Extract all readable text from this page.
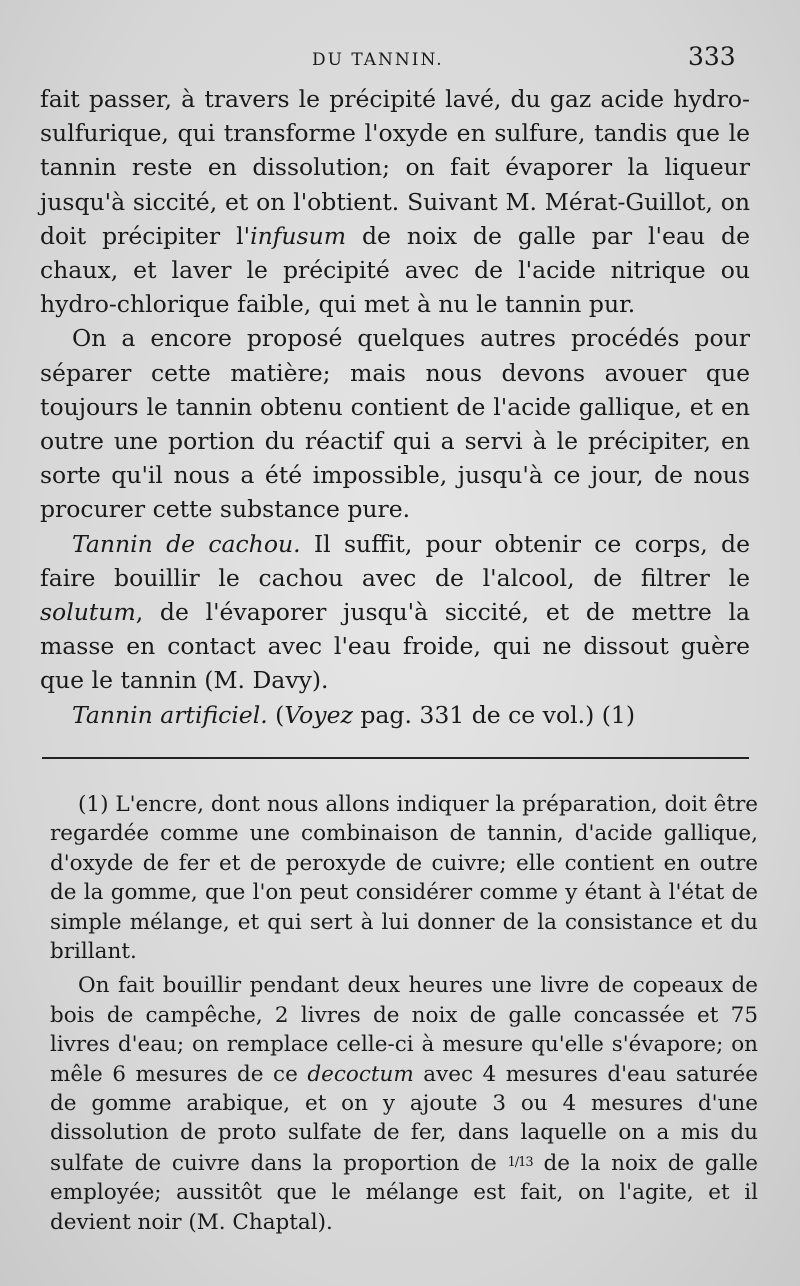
DU TANNIN.	333

fait passer, à travers le précipité lavé, du gaz acide hydro-sulfurique, qui transforme l'oxyde en sulfure, tandis que le tannin reste en dissolution; on fait évaporer la liqueur jusqu'à siccité, et on l'obtient. Suivant M. Mérat-Guillot, on doit précipiter l'infusum de noix de galle par l'eau de chaux, et laver le précipité avec de l'acide nitrique ou hydro-chlorique faible, qui met à nu le tannin pur.

On a encore proposé quelques autres procédés pour séparer cette matière; mais nous devons avouer que toujours le tannin obtenu contient de l'acide gallique, et en outre une portion du réactif qui a servi à le précipiter, en sorte qu'il nous a été impossible, jusqu'à ce jour, de nous procurer cette substance pure.

Tannin de cachou. Il suffit, pour obtenir ce corps, de faire bouillir le cachou avec de l'alcool, de filtrer le solutum, de l'évaporer jusqu'à siccité, et de mettre la masse en contact avec l'eau froide, qui ne dissout guère que le tannin (M. Davy).

Tannin artificiel. (Voyez pag. 331 de ce vol.) (1)

(1) L'encre, dont nous allons indiquer la préparation, doit être regardée comme une combinaison de tannin, d'acide gallique, d'oxyde de fer et de peroxyde de cuivre; elle contient en outre de la gomme, que l'on peut considérer comme y étant à l'état de simple mélange, et qui sert à lui donner de la consistance et du brillant.

On fait bouillir pendant deux heures une livre de copeaux de bois de campêche, 2 livres de noix de galle concassée et 75 livres d'eau; on remplace celle-ci à mesure qu'elle s'évapore; on mêle 6 mesures de ce decoctum avec 4 mesures d'eau saturée de gomme arabique, et on y ajoute 3 ou 4 mesures d'une dissolution de proto sulfate de fer, dans laquelle on a mis du sulfate de cuivre dans la proportion de 1/13 de la noix de galle employée; aussitôt que le mélange est fait, on l'agite, et il devient noir (M. Chaptal).
